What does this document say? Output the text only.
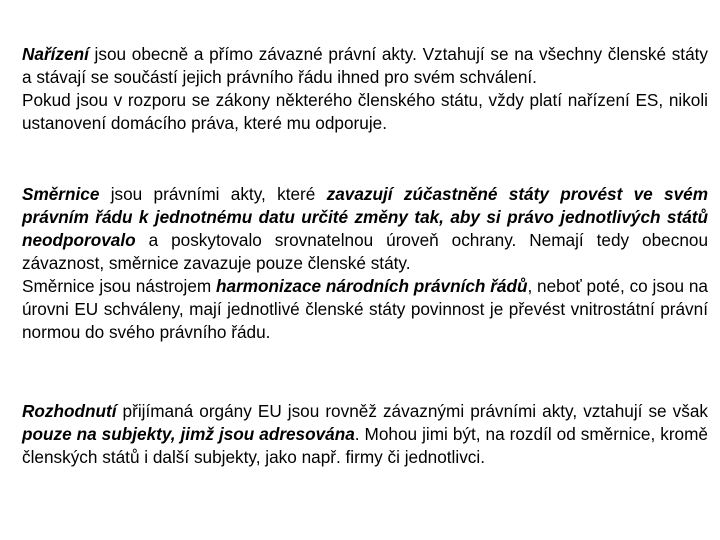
Nařízení jsou obecně a přímo závazné právní akty. Vztahují se na všechny členské státy a stávají se součástí jejich právního řádu ihned pro svém schválení.
Pokud jsou v rozporu se zákony některého členského státu, vždy platí nařízení ES, nikoli ustanovení domácího práva, které mu odporuje.

Směrnice jsou právními akty, které zavazují zúčastněné státy provést ve svém právním řádu k jednotnému datu určité změny tak, aby si právo jednotlivých států neodporovalo a poskytovalo srovnatelnou úroveň ochrany. Nemají tedy obecnou závaznost, směrnice zavazuje pouze členské státy.
Směrnice jsou nástrojem harmonizace národních právních řádů, neboť poté, co jsou na úrovni EU schváleny, mají jednotlivé členské státy povinnost je převést vnitrostátní právní normou do svého právního řádu.

Rozhodnutí přijímaná orgány EU jsou rovněž závaznými právními akty, vztahují se však pouze na subjekty, jimž jsou adresována. Mohou jimi být, na rozdíl od směrnice, kromě členských států i další subjekty, jako např. firmy či jednotlivci.
